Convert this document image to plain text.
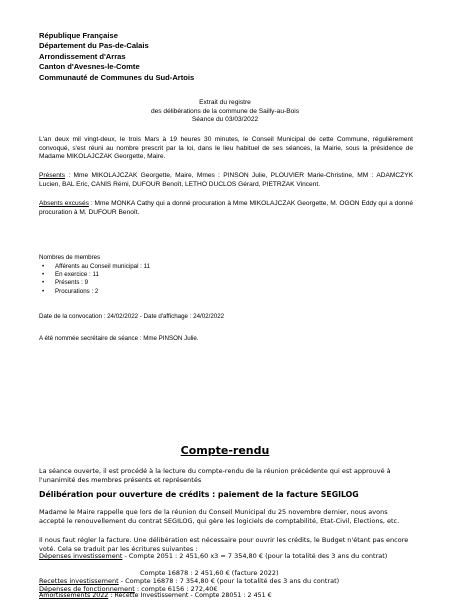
République Française
Département du Pas-de-Calais
Arrondissement d'Arras
Canton d'Avesnes-le-Comte
Communauté de Communes du Sud-Artois
Extrait du registre
des délibérations de la commune de Sailly-au-Bois
Séance du 03/03/2022
L'an deux mil vingt-deux, le trois Mars à 19 heures 30 minutes, le Conseil Municipal de cette Commune, régulièrement convoqué, s'est réuni au nombre prescrit par la loi, dans le lieu habituel de ses séances, la Mairie, sous la présidence de Madame MIKOLAJCZAK Georgette, Maire.
Présents : Mme MIKOLAJCZAK Georgette, Maire, Mmes : PINSON Julie, PLOUVIER Marie-Christine, MM : ADAMCZYK Lucien, BAL Eric, CANIS Rémi, DUFOUR Benoît, LETHO DUCLOS Gérard, PIETRZAK Vincent.
Absents excusés : Mme MONKA Cathy qui a donné procuration à Mme MIKOLAJCZAK Georgette, M. OGON Eddy qui a donné procuration à M. DUFOUR Benoît.
Nombres de membres
• Afférents au Conseil municipal : 11
• En exercice : 11
• Présents : 9
• Procurations : 2
Date de la convocation : 24/02/2022 - Date d'affichage : 24/02/2022
A été nommée secrétaire de séance : Mme PINSON Julie.
Compte-rendu
La séance ouverte, il est procédé à la lecture du compte-rendu de la réunion précédente qui est approuvé à l'unanimité des membres présents et représentés
Délibération pour ouverture de crédits : paiement de la facture SEGILOG
Madame le Maire rappelle que lors de la réunion du Conseil Municipal du 25 novembre dernier, nous avons accepté le renouvellement du contrat SEGILOG, qui gère les logiciels de comptabilité, Etat-Civil, Elections, etc.
Il nous faut régler la facture. Une délibération est nécessaire pour ouvrir les crédits, le Budget n'étant pas encore voté. Cela se traduit par les écritures suivantes :
Dépenses investissement - Compte 2051 : 2 451,60 x3 = 7 354,80 € (pour la totalité des 3 ans du contrat)
Compte 16878 : 2 451,60 € (facture 2022)
Recettes investissement - Compte 16878 : 7 354,80 € (pour la totalité des 3 ans du contrat)
Dépenses de fonctionnement : compte 6156 : 272,40€
Amortissements 2022 : Recette Investissement - Compte 28051 : 2 451 €
